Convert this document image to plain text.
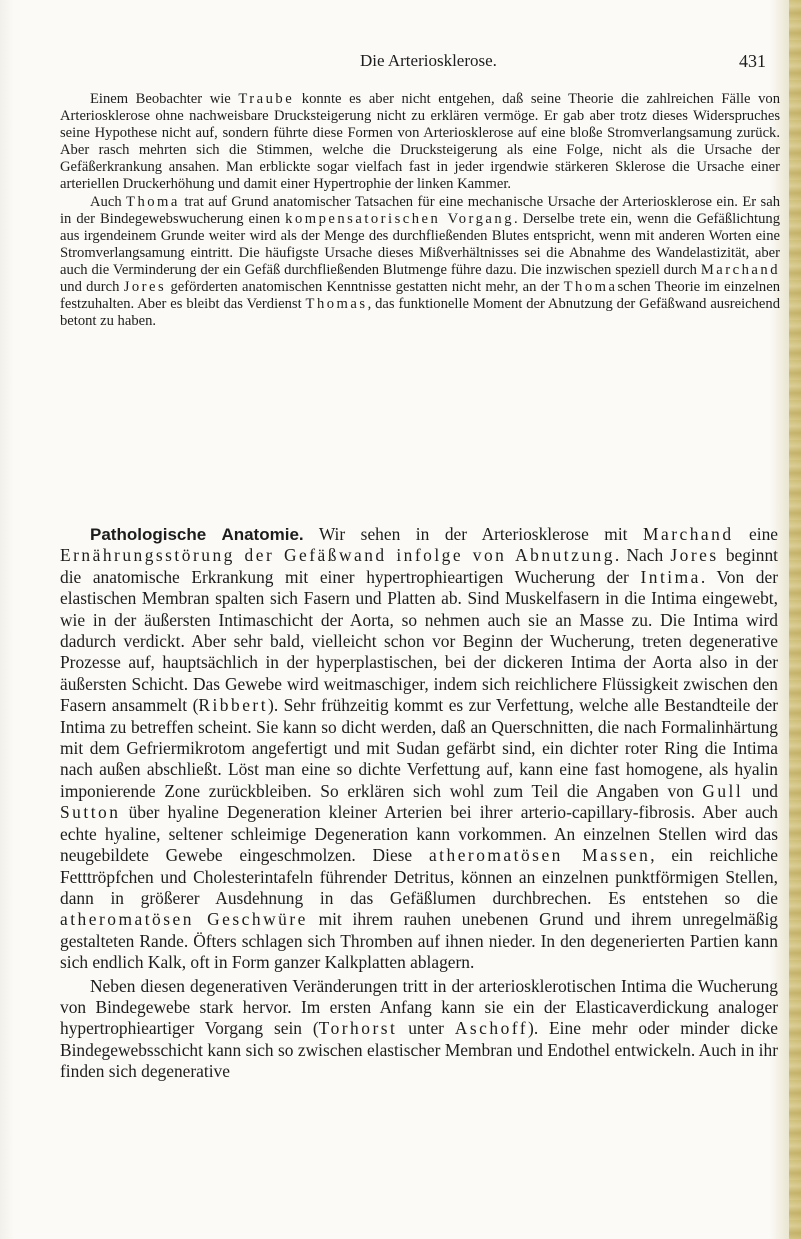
Die Arteriosklerose.	431

Einem Beobachter wie Traube konnte es aber nicht entgehen, daß seine Theorie die zahlreichen Fälle von Arteriosklerose ohne nachweisbare Drucksteigerung nicht zu erklären vermöge. Er gab aber trotz dieses Widerspruches seine Hypothese nicht auf, sondern führte diese Formen von Arteriosklerose auf eine bloße Stromverlangsamung zurück. Aber rasch mehrten sich die Stimmen, welche die Drucksteigerung als eine Folge, nicht als die Ursache der Gefäßerkrankung ansahen. Man erblickte sogar vielfach fast in jeder irgendwie stärkeren Sklerose die Ursache einer arteriellen Druckerhöhung und damit einer Hypertrophie der linken Kammer.

Auch Thoma trat auf Grund anatomischer Tatsachen für eine mechanische Ursache der Arteriosklerose ein. Er sah in der Bindegewebswucherung einen kompensatorischen Vorgang. Derselbe trete ein, wenn die Gefäßlichtung aus irgendeinem Grunde weiter wird als der Menge des durchfließenden Blutes entspricht, wenn mit anderen Worten eine Stromverlangsamung eintritt. Die häufigste Ursache dieses Mißverhältnisses sei die Abnahme des Wandelastizität, aber auch die Verminderung der ein Gefäß durchfließenden Blutmenge führe dazu. Die inzwischen speziell durch Marchand und durch Jores geförderten anatomischen Kenntnisse gestatten nicht mehr, an der Thomaschen Theorie im einzelnen festzuhalten. Aber es bleibt das Verdienst Thomas, das funktionelle Moment der Abnutzung der Gefäßwand ausreichend betont zu haben.

Pathologische Anatomie. Wir sehen in der Arteriosklerose mit Marchand eine Ernährungsstörung der Gefäßwand infolge von Abnutzung. Nach Jores beginnt die anatomische Erkrankung mit einer hypertrophieartigen Wucherung der Intima. Von der elastischen Membran spalten sich Fasern und Platten ab. Sind Muskelfasern in die Intima eingewebt, wie in der äußersten Intimaschicht der Aorta, so nehmen auch sie an Masse zu. Die Intima wird dadurch verdickt. Aber sehr bald, vielleicht schon vor Beginn der Wucherung, treten degenerative Prozesse auf, hauptsächlich in der hyperplastischen, bei der dickeren Intima der Aorta also in der äußersten Schicht. Das Gewebe wird weitmaschiger, indem sich reichlichere Flüssigkeit zwischen den Fasern ansammelt (Ribbert). Sehr frühzeitig kommt es zur Verfettung, welche alle Bestandteile der Intima zu betreffen scheint. Sie kann so dicht werden, daß an Querschnitten, die nach Formalinhärtung mit dem Gefriermikrotom angefertigt und mit Sudan gefärbt sind, ein dichter roter Ring die Intima nach außen abschließt. Löst man eine so dichte Verfettung auf, kann eine fast homogene, als hyalin imponierende Zone zurückbleiben. So erklären sich wohl zum Teil die Angaben von Gull und Sutton über hyaline Degeneration kleiner Arterien bei ihrer arterio-capillary-fibrosis. Aber auch echte hyaline, seltener schleimige Degeneration kann vorkommen. An einzelnen Stellen wird das neugebildete Gewebe eingeschmolzen. Diese atheromatösen Massen, ein reichliche Fetttröpfchen und Cholesterintafeln führender Detritus, können an einzelnen punktförmigen Stellen, dann in größerer Ausdehnung in das Gefäßlumen durchbrechen. Es entstehen so die atheromatösen Geschwüre mit ihrem rauhen unebenen Grund und ihrem unregelmäßig gestalteten Rande. Öfters schlagen sich Thromben auf ihnen nieder. In den degenerierten Partien kann sich endlich Kalk, oft in Form ganzer Kalkplatten ablagern.

Neben diesen degenerativen Veränderungen tritt in der arteriosklerotischen Intima die Wucherung von Bindegewebe stark hervor. Im ersten Anfang kann sie ein der Elasticaverdickung analoger hypertrophieartiger Vorgang sein (Torhorst unter Aschoff). Eine mehr oder minder dicke Bindegewebsschicht kann sich so zwischen elastischer Membran und Endothel entwickeln. Auch in ihr finden sich degenerative
